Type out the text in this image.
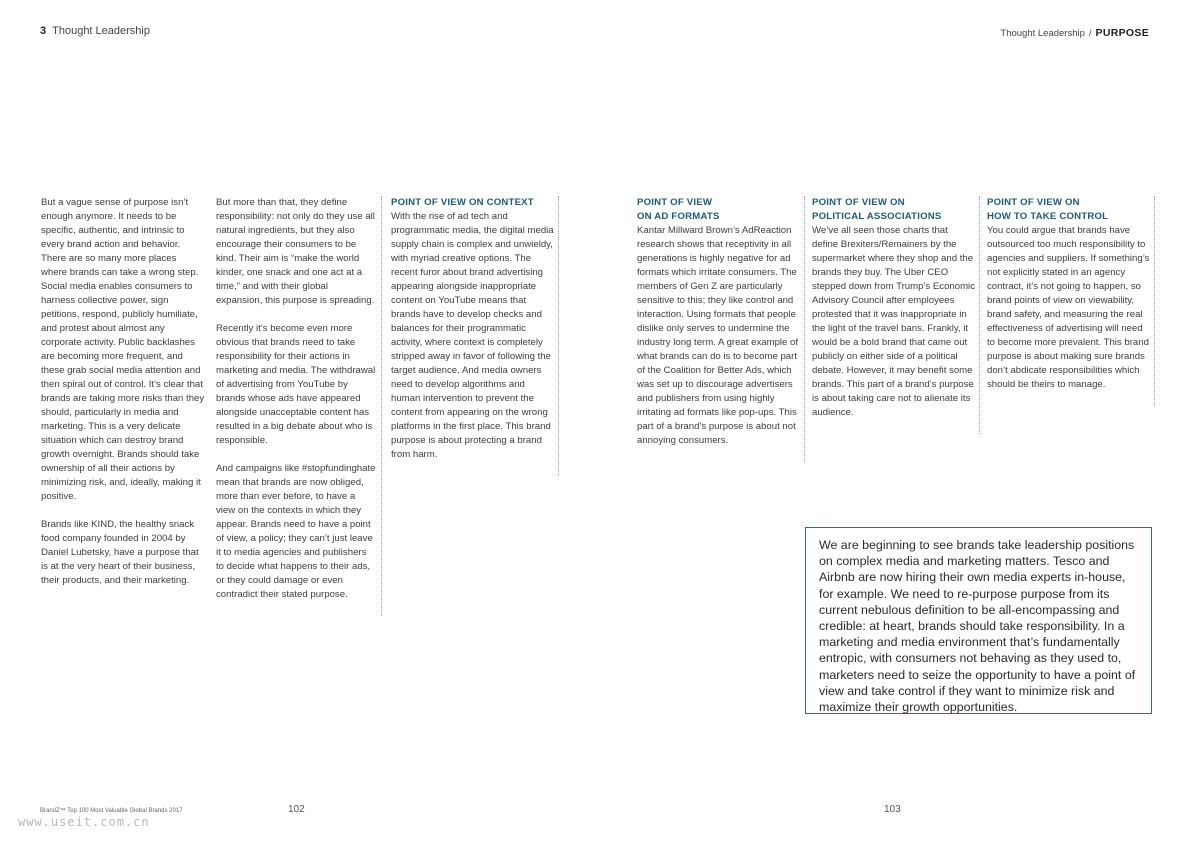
3 Thought Leadership	Thought Leadership / PURPOSE

But a vague sense of purpose isn’t enough anymore. It needs to be specific, authentic, and intrinsic to every brand action and behavior. There are so many more places where brands can take a wrong step. Social media enables consumers to harness collective power, sign petitions, respond, publicly humiliate, and protest about almost any corporate activity. Public backlashes are becoming more frequent, and these grab social media attention and then spiral out of control. It’s clear that brands are taking more risks than they should, particularly in media and marketing. This is a very delicate situation which can destroy brand growth overnight. Brands should take ownership of all their actions by minimizing risk, and, ideally, making it positive.

Brands like KIND, the healthy snack food company founded in 2004 by Daniel Lubetsky, have a purpose that is at the very heart of their business, their products, and their marketing.

But more than that, they define responsibility: not only do they use all natural ingredients, but they also encourage their consumers to be kind. Their aim is “make the world kinder, one snack and one act at a time,” and with their global expansion, this purpose is spreading.

Recently it’s become even more obvious that brands need to take responsibility for their actions in marketing and media. The withdrawal of advertising from YouTube by brands whose ads have appeared alongside unacceptable content has resulted in a big debate about who is responsible.

And campaigns like #stopfundinghate mean that brands are now obliged, more than ever before, to have a view on the contexts in which they appear. Brands need to have a point of view, a policy; they can’t just leave it to media agencies and publishers to decide what happens to their ads, or they could damage or even contradict their stated purpose.

POINT OF VIEW ON CONTEXT

With the rise of ad tech and programmatic media, the digital media supply chain is complex and unwieldy, with myriad creative options. The recent furor about brand advertising appearing alongside inappropriate content on YouTube means that brands have to develop checks and balances for their programmatic activity, where context is completely stripped away in favor of following the target audience. And media owners need to develop algorithms and human intervention to prevent the content from appearing on the wrong platforms in the first place. This brand purpose is about protecting a brand from harm.

POINT OF VIEW
ON AD FORMATS

Kantar Millward Brown’s AdReaction research shows that receptivity in all generations is highly negative for ad formats which irritate consumers. The members of Gen Z are particularly sensitive to this; they like control and interaction. Using formats that people dislike only serves to undermine the industry long term. A great example of what brands can do is to become part of the Coalition for Better Ads, which was set up to discourage advertisers and publishers from using highly irritating ad formats like pop-ups. This part of a brand’s purpose is about not annoying consumers.

POINT OF VIEW ON
POLITICAL ASSOCIATIONS

We’ve all seen those charts that define Brexiters/Remainers by the supermarket where they shop and the brands they buy. The Uber CEO stepped down from Trump’s Economic Advisory Council after employees protested that it was inappropriate in the light of the travel bans. Frankly, it would be a bold brand that came out publicly on either side of a political debate. However, it may benefit some brands. This part of a brand’s purpose is about taking care not to alienate its audience.

POINT OF VIEW ON
HOW TO TAKE CONTROL

You could argue that brands have outsourced too much responsibility to agencies and suppliers. If something’s not explicitly stated in an agency contract, it’s not going to happen, so brand points of view on viewability, brand safety, and measuring the real effectiveness of advertising will need to become more prevalent. This brand purpose is about making sure brands don’t abdicate responsibilities which should be theirs to manage.

We are beginning to see brands take leadership positions on complex media and marketing matters. Tesco and Airbnb are now hiring their own media experts in-house, for example. We need to re-purpose purpose from its current nebulous definition to be all-encompassing and credible: at heart, brands should take responsibility. In a marketing and media environment that’s fundamentally entropic, with consumers not behaving as they used to, marketers need to seize the opportunity to have a point of view and take control if they want to minimize risk and maximize their growth opportunities.
BrandZ™ Top 100 Most Valuable Global Brands 2017	102	103
www.useit.com.cn
